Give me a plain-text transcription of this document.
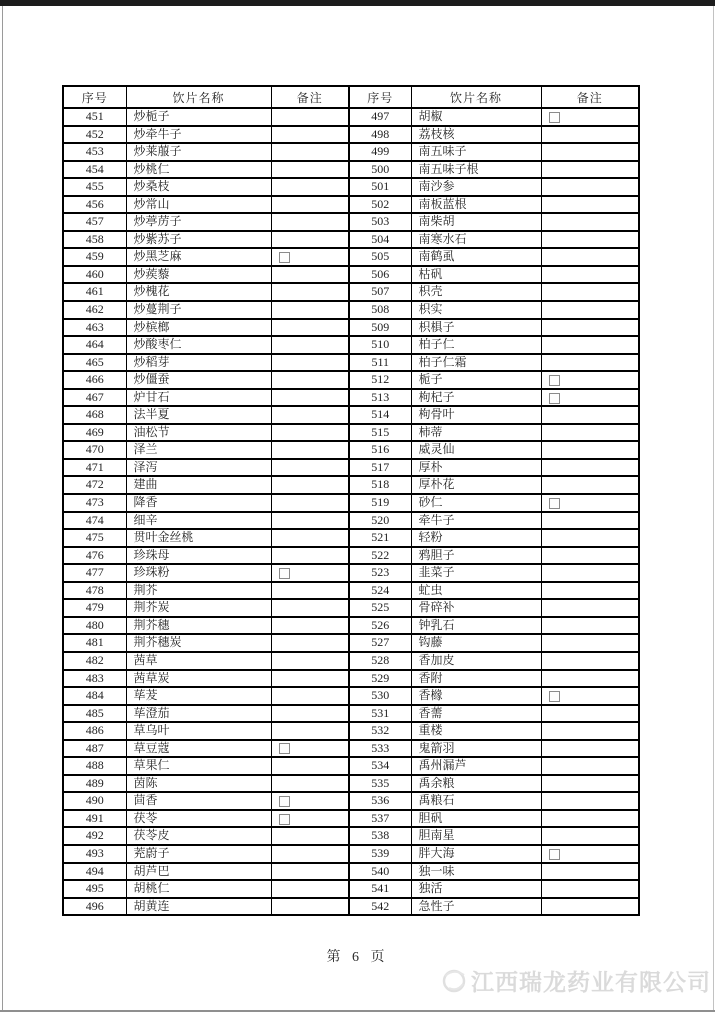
序号	饮片名称	备注	序号	饮片名称	备注
451	炒栀子		497	胡椒	
452	炒牵牛子		498	荔枝核	
453	炒莱菔子		499	南五味子	
454	炒桃仁		500	南五味子根	
455	炒桑枝		501	南沙参	
456	炒常山		502	南板蓝根	
457	炒葶苈子		503	南柴胡	
458	炒紫苏子		504	南寒水石	
459	炒黑芝麻		505	南鹤虱	
460	炒蒺藜		506	枯矾	
461	炒槐花		507	枳壳	
462	炒蔓荆子		508	枳实	
463	炒槟榔		509	枳椇子	
464	炒酸枣仁		510	柏子仁	
465	炒稻芽		511	柏子仁霜	
466	炒僵蚕		512	栀子	
467	炉甘石		513	枸杞子	
468	法半夏		514	枸骨叶	
469	油松节		515	柿蒂	
470	泽兰		516	威灵仙	
471	泽泻		517	厚朴	
472	建曲		518	厚朴花	
473	降香		519	砂仁	
474	细辛		520	牵牛子	
475	贯叶金丝桃		521	轻粉	
476	珍珠母		522	鸦胆子	
477	珍珠粉		523	韭菜子	
478	荆芥		524	虻虫	
479	荆芥炭		525	骨碎补	
480	荆芥穗		526	钟乳石	
481	荆芥穗炭		527	钩藤	
482	茜草		528	香加皮	
483	茜草炭		529	香附	
484	荜茇		530	香橼	
485	荜澄茄		531	香薷	
486	草乌叶		532	重楼	
487	草豆蔻		533	鬼箭羽	
488	草果仁		534	禹州漏芦	
489	茵陈		535	禹余粮	
490	茴香		536	禹粮石	
491	茯苓		537	胆矾	
492	茯苓皮		538	胆南星	
493	茺蔚子		539	胖大海	
494	胡芦巴		540	独一味	
495	胡桃仁		541	独活	
496	胡黄连		542	急性子	
第 6 页
江西瑞龙药业有限公司
